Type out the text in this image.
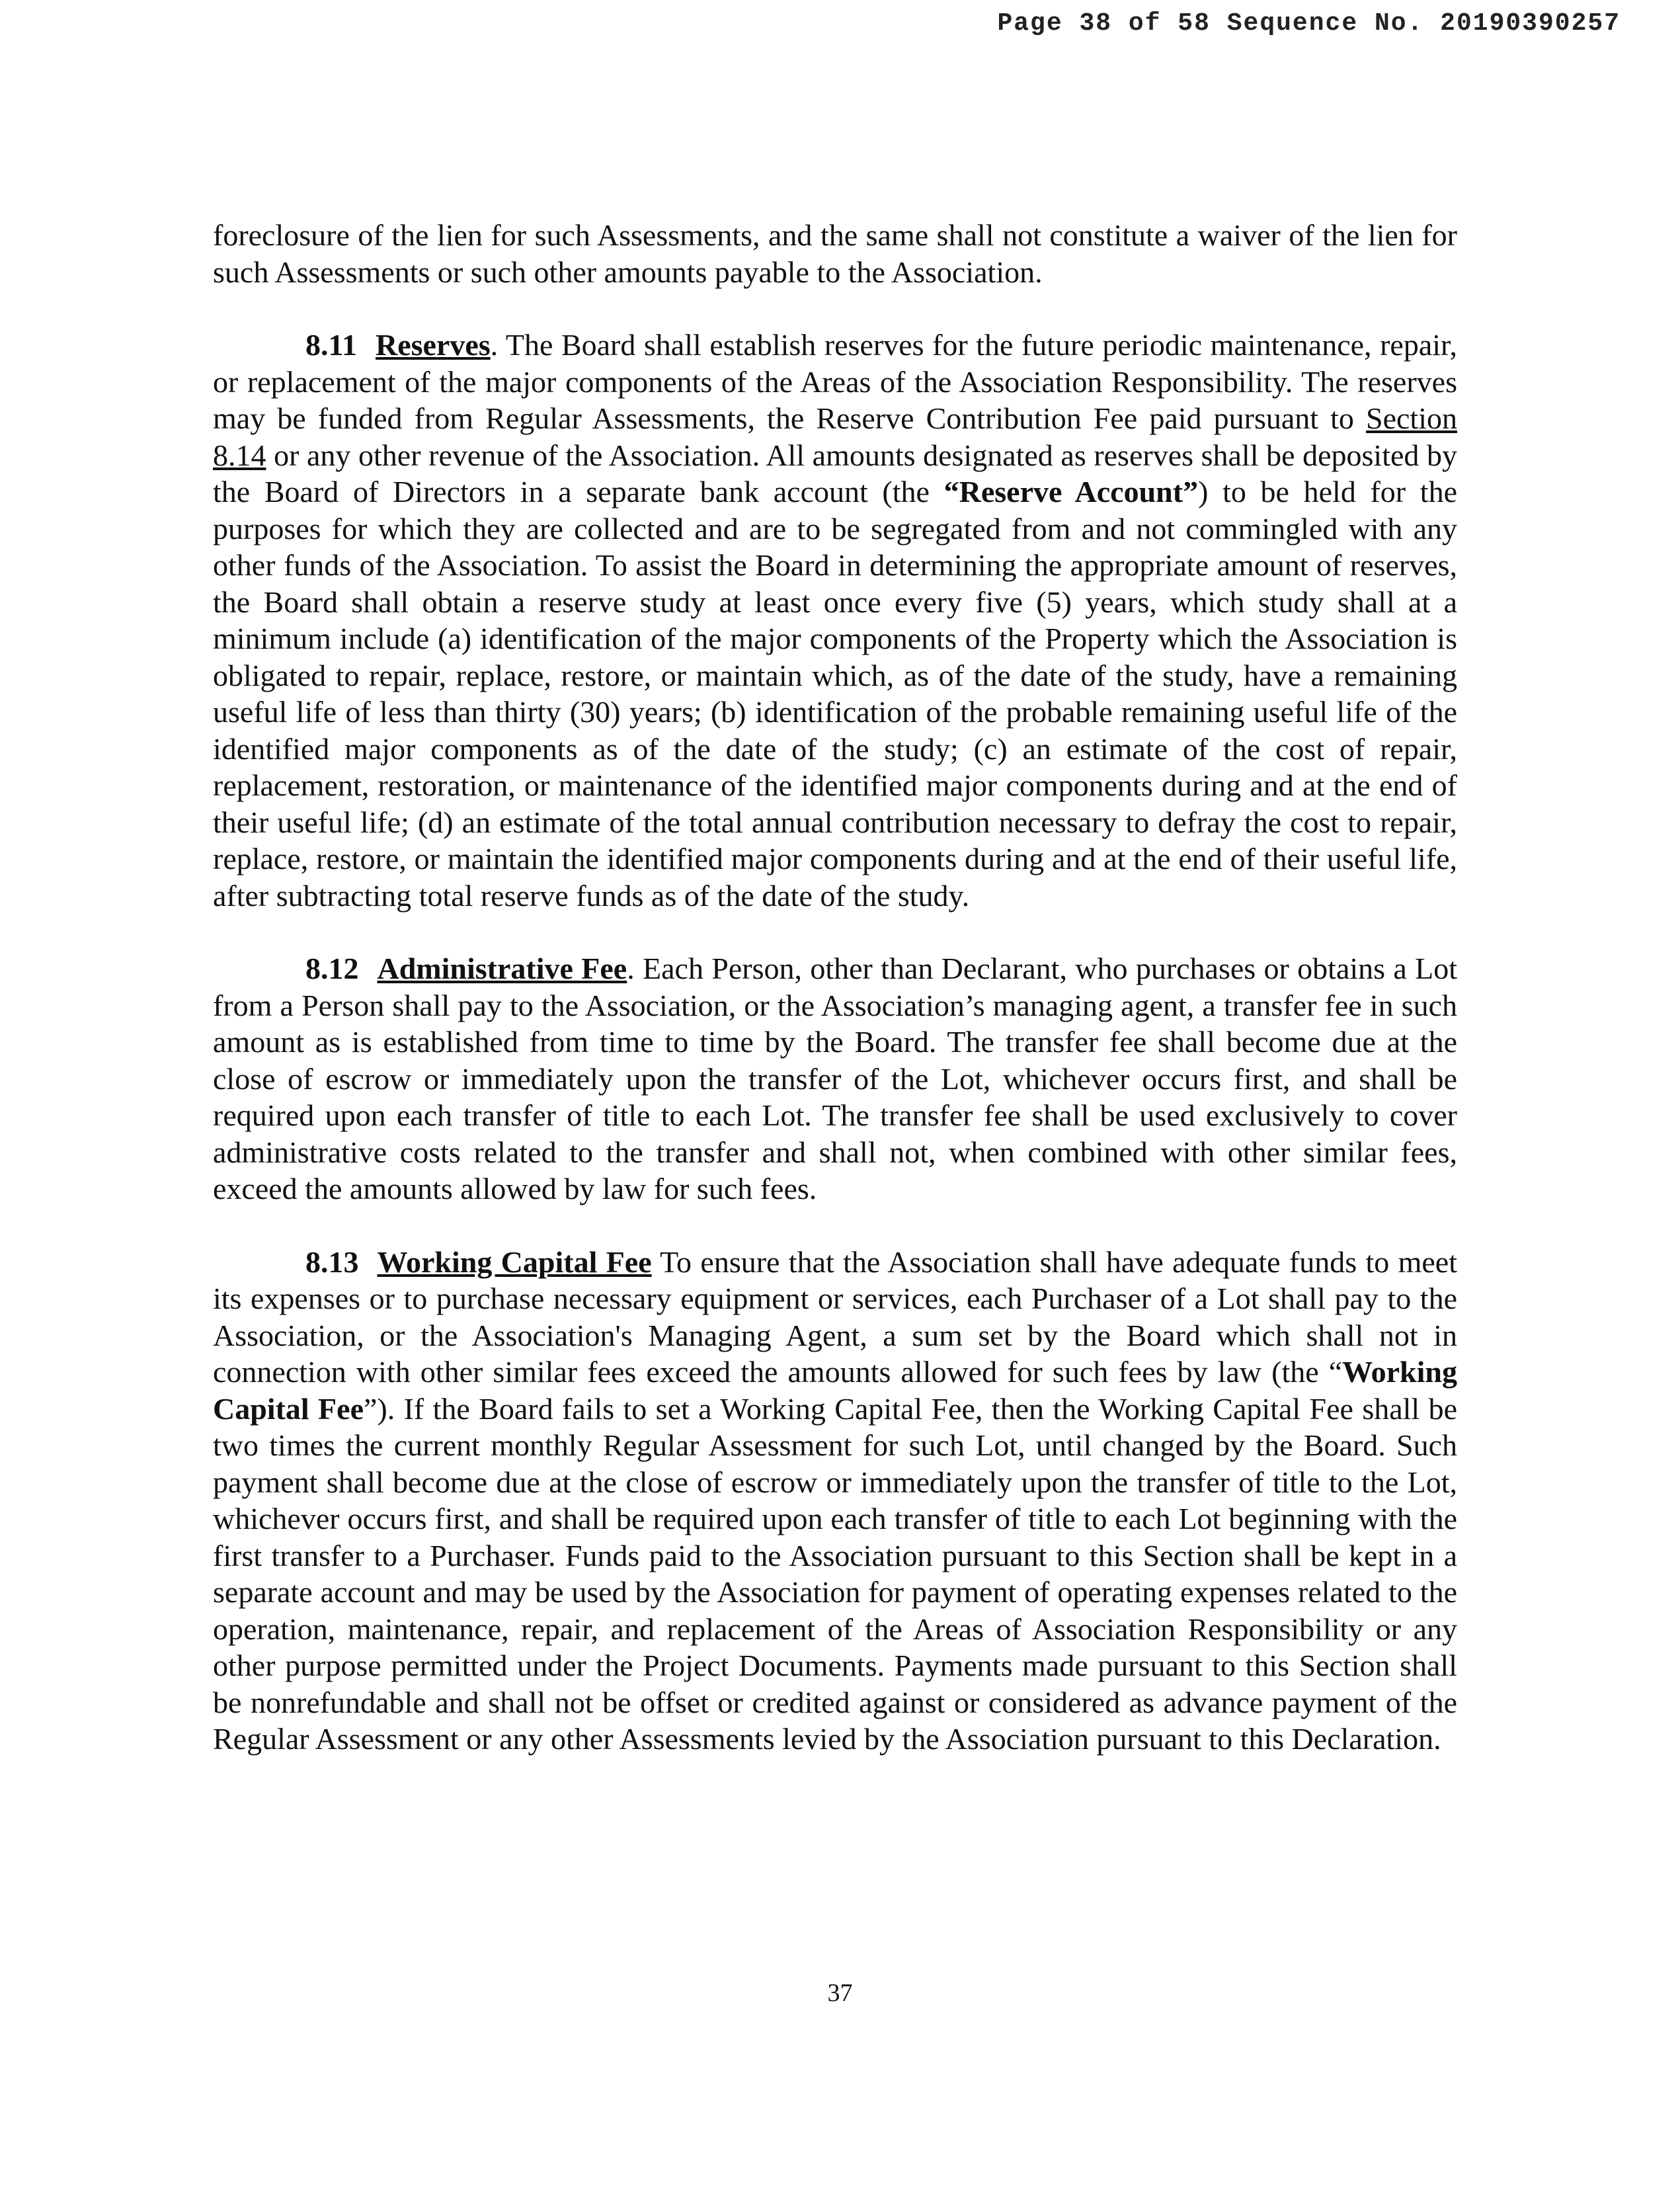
Page 38 of 58 Sequence No. 20190390257

foreclosure of the lien for such Assessments, and the same shall not constitute a waiver of the lien for such Assessments or such other amounts payable to the Association.

8.11 Reserves. The Board shall establish reserves for the future periodic maintenance, repair, or replacement of the major components of the Areas of the Association Responsibility. The reserves may be funded from Regular Assessments, the Reserve Contribution Fee paid pursuant to Section 8.14 or any other revenue of the Association. All amounts designated as reserves shall be deposited by the Board of Directors in a separate bank account (the “Reserve Account”) to be held for the purposes for which they are collected and are to be segregated from and not commingled with any other funds of the Association. To assist the Board in determining the appropriate amount of reserves, the Board shall obtain a reserve study at least once every five (5) years, which study shall at a minimum include (a) identification of the major components of the Property which the Association is obligated to repair, replace, restore, or maintain which, as of the date of the study, have a remaining useful life of less than thirty (30) years; (b) identification of the probable remaining useful life of the identified major components as of the date of the study; (c) an estimate of the cost of repair, replacement, restoration, or maintenance of the identified major components during and at the end of their useful life; (d) an estimate of the total annual contribution necessary to defray the cost to repair, replace, restore, or maintain the identified major components during and at the end of their useful life, after subtracting total reserve funds as of the date of the study.

8.12 Administrative Fee. Each Person, other than Declarant, who purchases or obtains a Lot from a Person shall pay to the Association, or the Association’s managing agent, a transfer fee in such amount as is established from time to time by the Board. The transfer fee shall become due at the close of escrow or immediately upon the transfer of the Lot, whichever occurs first, and shall be required upon each transfer of title to each Lot. The transfer fee shall be used exclusively to cover administrative costs related to the transfer and shall not, when combined with other similar fees, exceed the amounts allowed by law for such fees.

8.13 Working Capital Fee To ensure that the Association shall have adequate funds to meet its expenses or to purchase necessary equipment or services, each Purchaser of a Lot shall pay to the Association, or the Association's Managing Agent, a sum set by the Board which shall not in connection with other similar fees exceed the amounts allowed for such fees by law (the “Working Capital Fee”). If the Board fails to set a Working Capital Fee, then the Working Capital Fee shall be two times the current monthly Regular Assessment for such Lot, until changed by the Board. Such payment shall become due at the close of escrow or immediately upon the transfer of title to the Lot, whichever occurs first, and shall be required upon each transfer of title to each Lot beginning with the first transfer to a Purchaser. Funds paid to the Association pursuant to this Section shall be kept in a separate account and may be used by the Association for payment of operating expenses related to the operation, maintenance, repair, and replacement of the Areas of Association Responsibility or any other purpose permitted under the Project Documents. Payments made pursuant to this Section shall be nonrefundable and shall not be offset or credited against or considered as advance payment of the Regular Assessment or any other Assessments levied by the Association pursuant to this Declaration.

37
